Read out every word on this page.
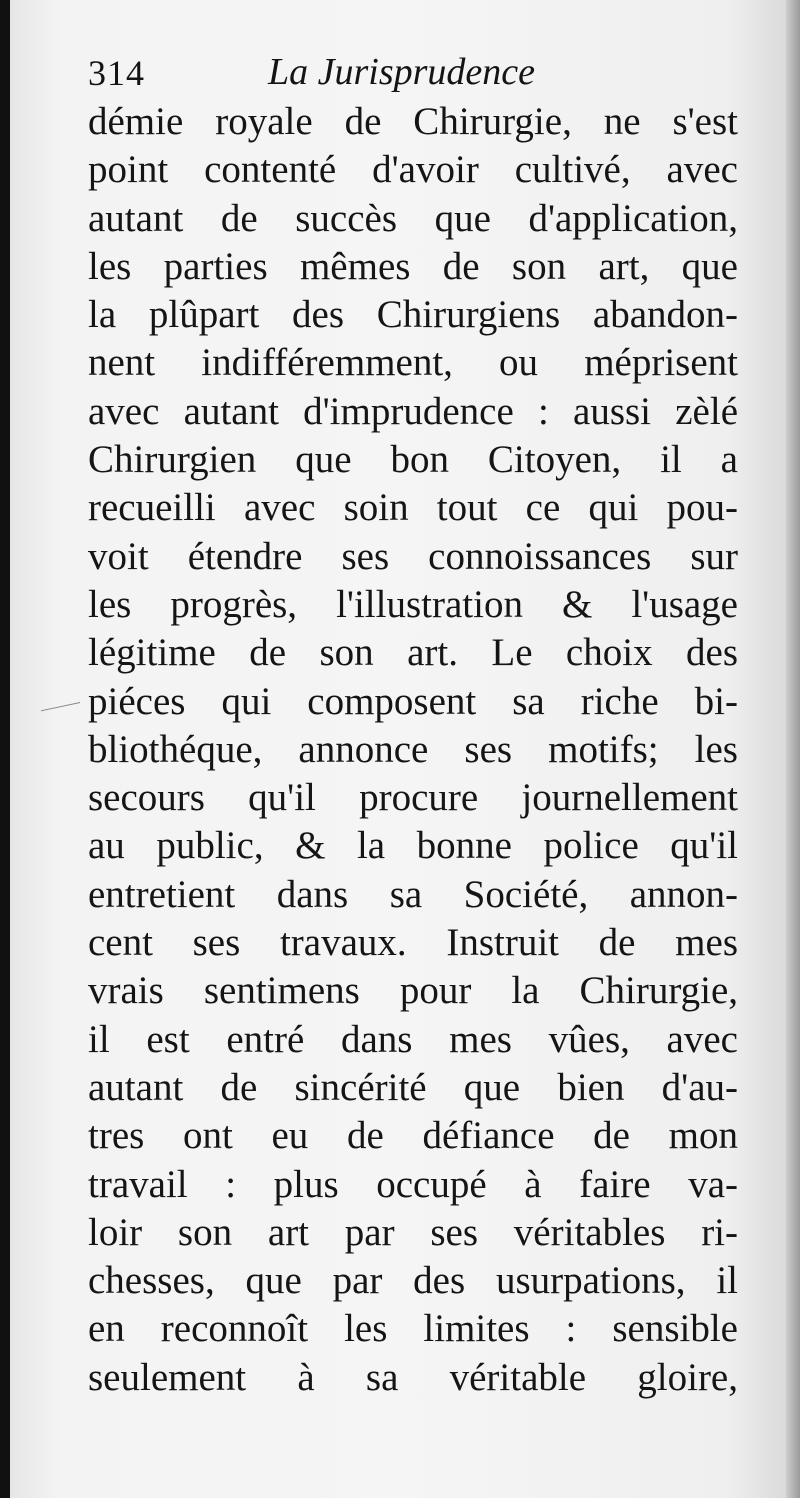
314	La Jurisprudence
démie royale de Chirurgie, ne s'est
point contenté d'avoir cultivé, avec
autant de succès que d'application,
les parties mêmes de son art, que
la plûpart des Chirurgiens abandon-
nent indifféremment, ou méprisent
avec autant d'imprudence : aussi zèlé
Chirurgien que bon Citoyen, il a
recueilli avec soin tout ce qui pou-
voit étendre ses connoissances sur
les progrès, l'illustration & l'usage
légitime de son art. Le choix des
piéces qui composent sa riche bi-
bliothéque, annonce ses motifs; les
secours qu'il procure journellement
au public, & la bonne police qu'il
entretient dans sa Société, annon-
cent ses travaux. Instruit de mes
vrais sentimens pour la Chirurgie,
il est entré dans mes vûes, avec
autant de sincérité que bien d'au-
tres ont eu de défiance de mon
travail : plus occupé à faire va-
loir son art par ses véritables ri-
chesses, que par des usurpations, il
en reconnoît les limites : sensible
seulement à sa véritable gloire,
